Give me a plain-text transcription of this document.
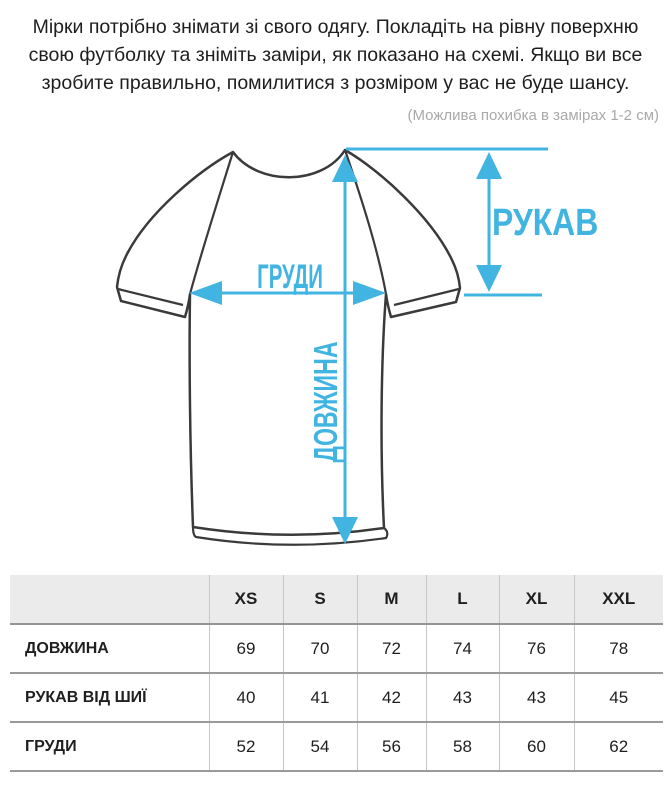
Мірки потрібно знімати зі свого одягу. Покладіть на рівну поверхню
свою футболку та зніміть заміри, як показано на схемі. Якщо ви все
зробите правильно, помилитися з розміром у вас не буде шансу.
(Можлива похибка в замірах 1-2 см)
ДОВЖИНА
ГРУДИ
РУКАВ
	XS	S	M	L	XL	XXL
ДОВЖИНА	69	70	72	74	76	78
РУКАВ ВІД ШИЇ	40	41	42	43	43	45
ГРУДИ	52	54	56	58	60	62
